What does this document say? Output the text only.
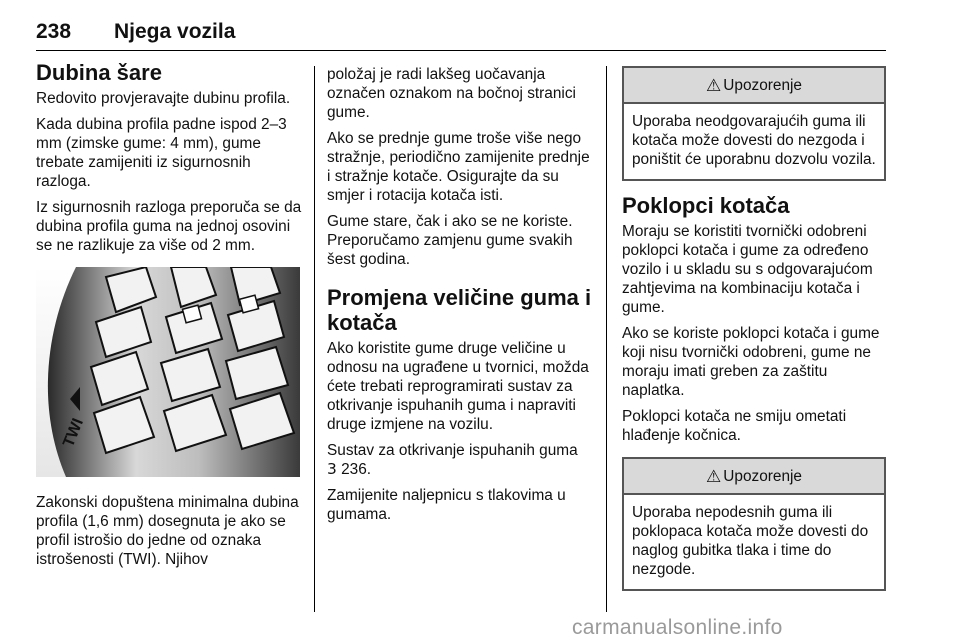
238 Njega vozila
Dubina šare

Redovito provjeravajte dubinu profila.

Kada dubina profila padne ispod 2–3 mm (zimske gume: 4 mm), gume trebate zamijeniti iz sigurnosnih razloga.

Iz sigurnosnih razloga preporuča se da dubina profila guma na jednoj osovini se ne razlikuje za više od 2 mm.

TWI

Zakonski dopuštena minimalna dubina profila (1,6 mm) dosegnuta je ako se profil istrošio do jedne od oznaka istrošenosti (TWI). Njihov

položaj je radi lakšeg uočavanja označen oznakom na bočnoj stranici gume.

Ako se prednje gume troše više nego stražnje, periodično zamijenite prednje i stražnje kotače. Osigurajte da su smjer i rotacija kotača isti.

Gume stare, čak i ako se ne koriste. Preporučamo zamjenu gume svakih šest godina.

Promjena veličine guma i kotača

Ako koristite gume druge veličine u odnosu na ugrađene u tvornici, možda ćete trebati reprogramirati sustav za otkrivanje ispuhanih guma i napraviti druge izmjene na vozilu.

Sustav za otkrivanje ispuhanih guma
3 236.

Zamijenite naljepnicu s tlakovima u gumama.

⚠ Upozorenje
Uporaba neodgovarajućih guma ili kotača može dovesti do nezgoda i poništit će uporabnu dozvolu vozila.
Poklopci kotača

Moraju se koristiti tvornički odobreni poklopci kotača i gume za određeno vozilo i u skladu su s odgovarajućom zahtjevima na kombinaciju kotača i gume.

Ako se koriste poklopci kotača i gume koji nisu tvornički odobreni, gume ne moraju imati greben za zaštitu naplatka.

Poklopci kotača ne smiju ometati hlađenje kočnica.

⚠ Upozorenje
Uporaba nepodesnih guma ili poklopaca kotača može dovesti do naglog gubitka tlaka i time do nezgode.
carmanualsonline.info
